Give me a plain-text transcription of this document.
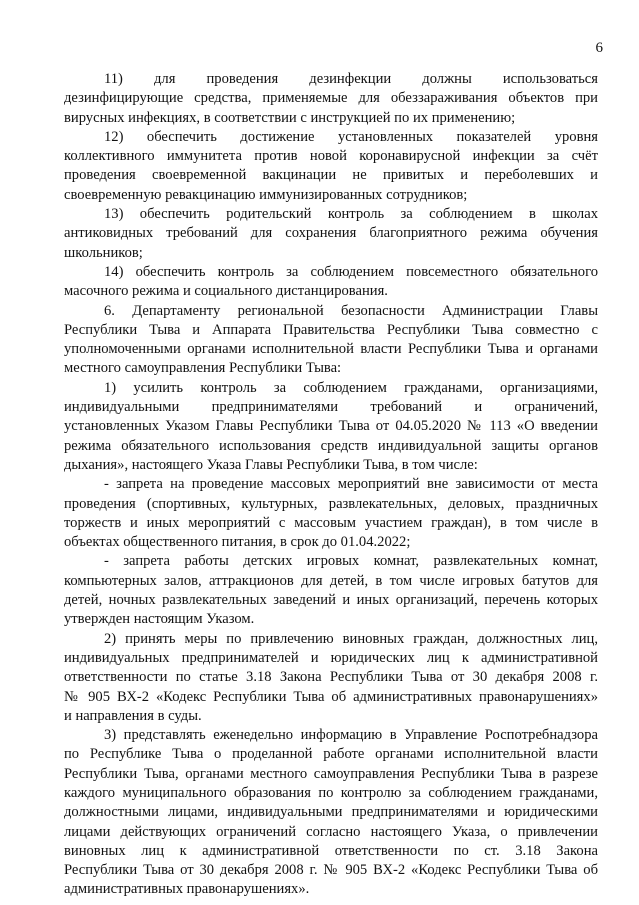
6
11) для проведения дезинфекции должны использоваться
дезинфицирующие средства, применяемые для обеззараживания объектов при
вирусных инфекциях, в соответствии с инструкцией по их применению;
12) обеспечить достижение установленных показателей уровня
коллективного иммунитета против новой коронавирусной инфекции за счёт
проведения своевременной вакцинации не привитых и переболевших и
своевременную ревакцинацию иммунизированных сотрудников;
13) обеспечить родительский контроль за соблюдением в школах
антиковидных требований для сохранения благоприятного режима обучения
школьников;
14) обеспечить контроль за соблюдением повсеместного обязательного
масочного режима и социального дистанцирования.
6. Департаменту региональной безопасности Администрации Главы
Республики Тыва и Аппарата Правительства Республики Тыва совместно с
уполномоченными органами исполнительной власти Республики Тыва и органами
местного самоуправления Республики Тыва:
1) усилить контроль за соблюдением гражданами, организациями,
индивидуальными предпринимателями требований и ограничений,
установленных Указом Главы Республики Тыва от 04.05.2020 № 113 «О введении
режима обязательного использования средств индивидуальной защиты органов
дыхания», настоящего Указа Главы Республики Тыва, в том числе:
- запрета на проведение массовых мероприятий вне зависимости от места
проведения (спортивных, культурных, развлекательных, деловых, праздничных
торжеств и иных мероприятий с массовым участием граждан), в том числе в
объектах общественного питания, в срок до 01.04.2022;
- запрета работы детских игровых комнат, развлекательных комнат,
компьютерных залов, аттракционов для детей, в том числе игровых батутов для
детей, ночных развлекательных заведений и иных организаций, перечень которых
утвержден настоящим Указом.
2) принять меры по привлечению виновных граждан, должностных лиц,
индивидуальных предпринимателей и юридических лиц к административной
ответственности по статье 3.18 Закона Республики Тыва от 30 декабря 2008 г.
№ 905 ВХ-2 «Кодекс Республики Тыва об административных правонарушениях»
и направления в суды.
3) представлять еженедельно информацию в Управление Роспотребнадзора
по Республике Тыва о проделанной работе органами исполнительной власти
Республики Тыва, органами местного самоуправления Республики Тыва в разрезе
каждого муниципального образования по контролю за соблюдением гражданами,
должностными лицами, индивидуальными предпринимателями и юридическими
лицами действующих ограничений согласно настоящего Указа, о привлечении
виновных лиц к административной ответственности по ст. 3.18 Закона
Республики Тыва от 30 декабря 2008 г. № 905 ВХ-2 «Кодекс Республики Тыва об
административных правонарушениях».
